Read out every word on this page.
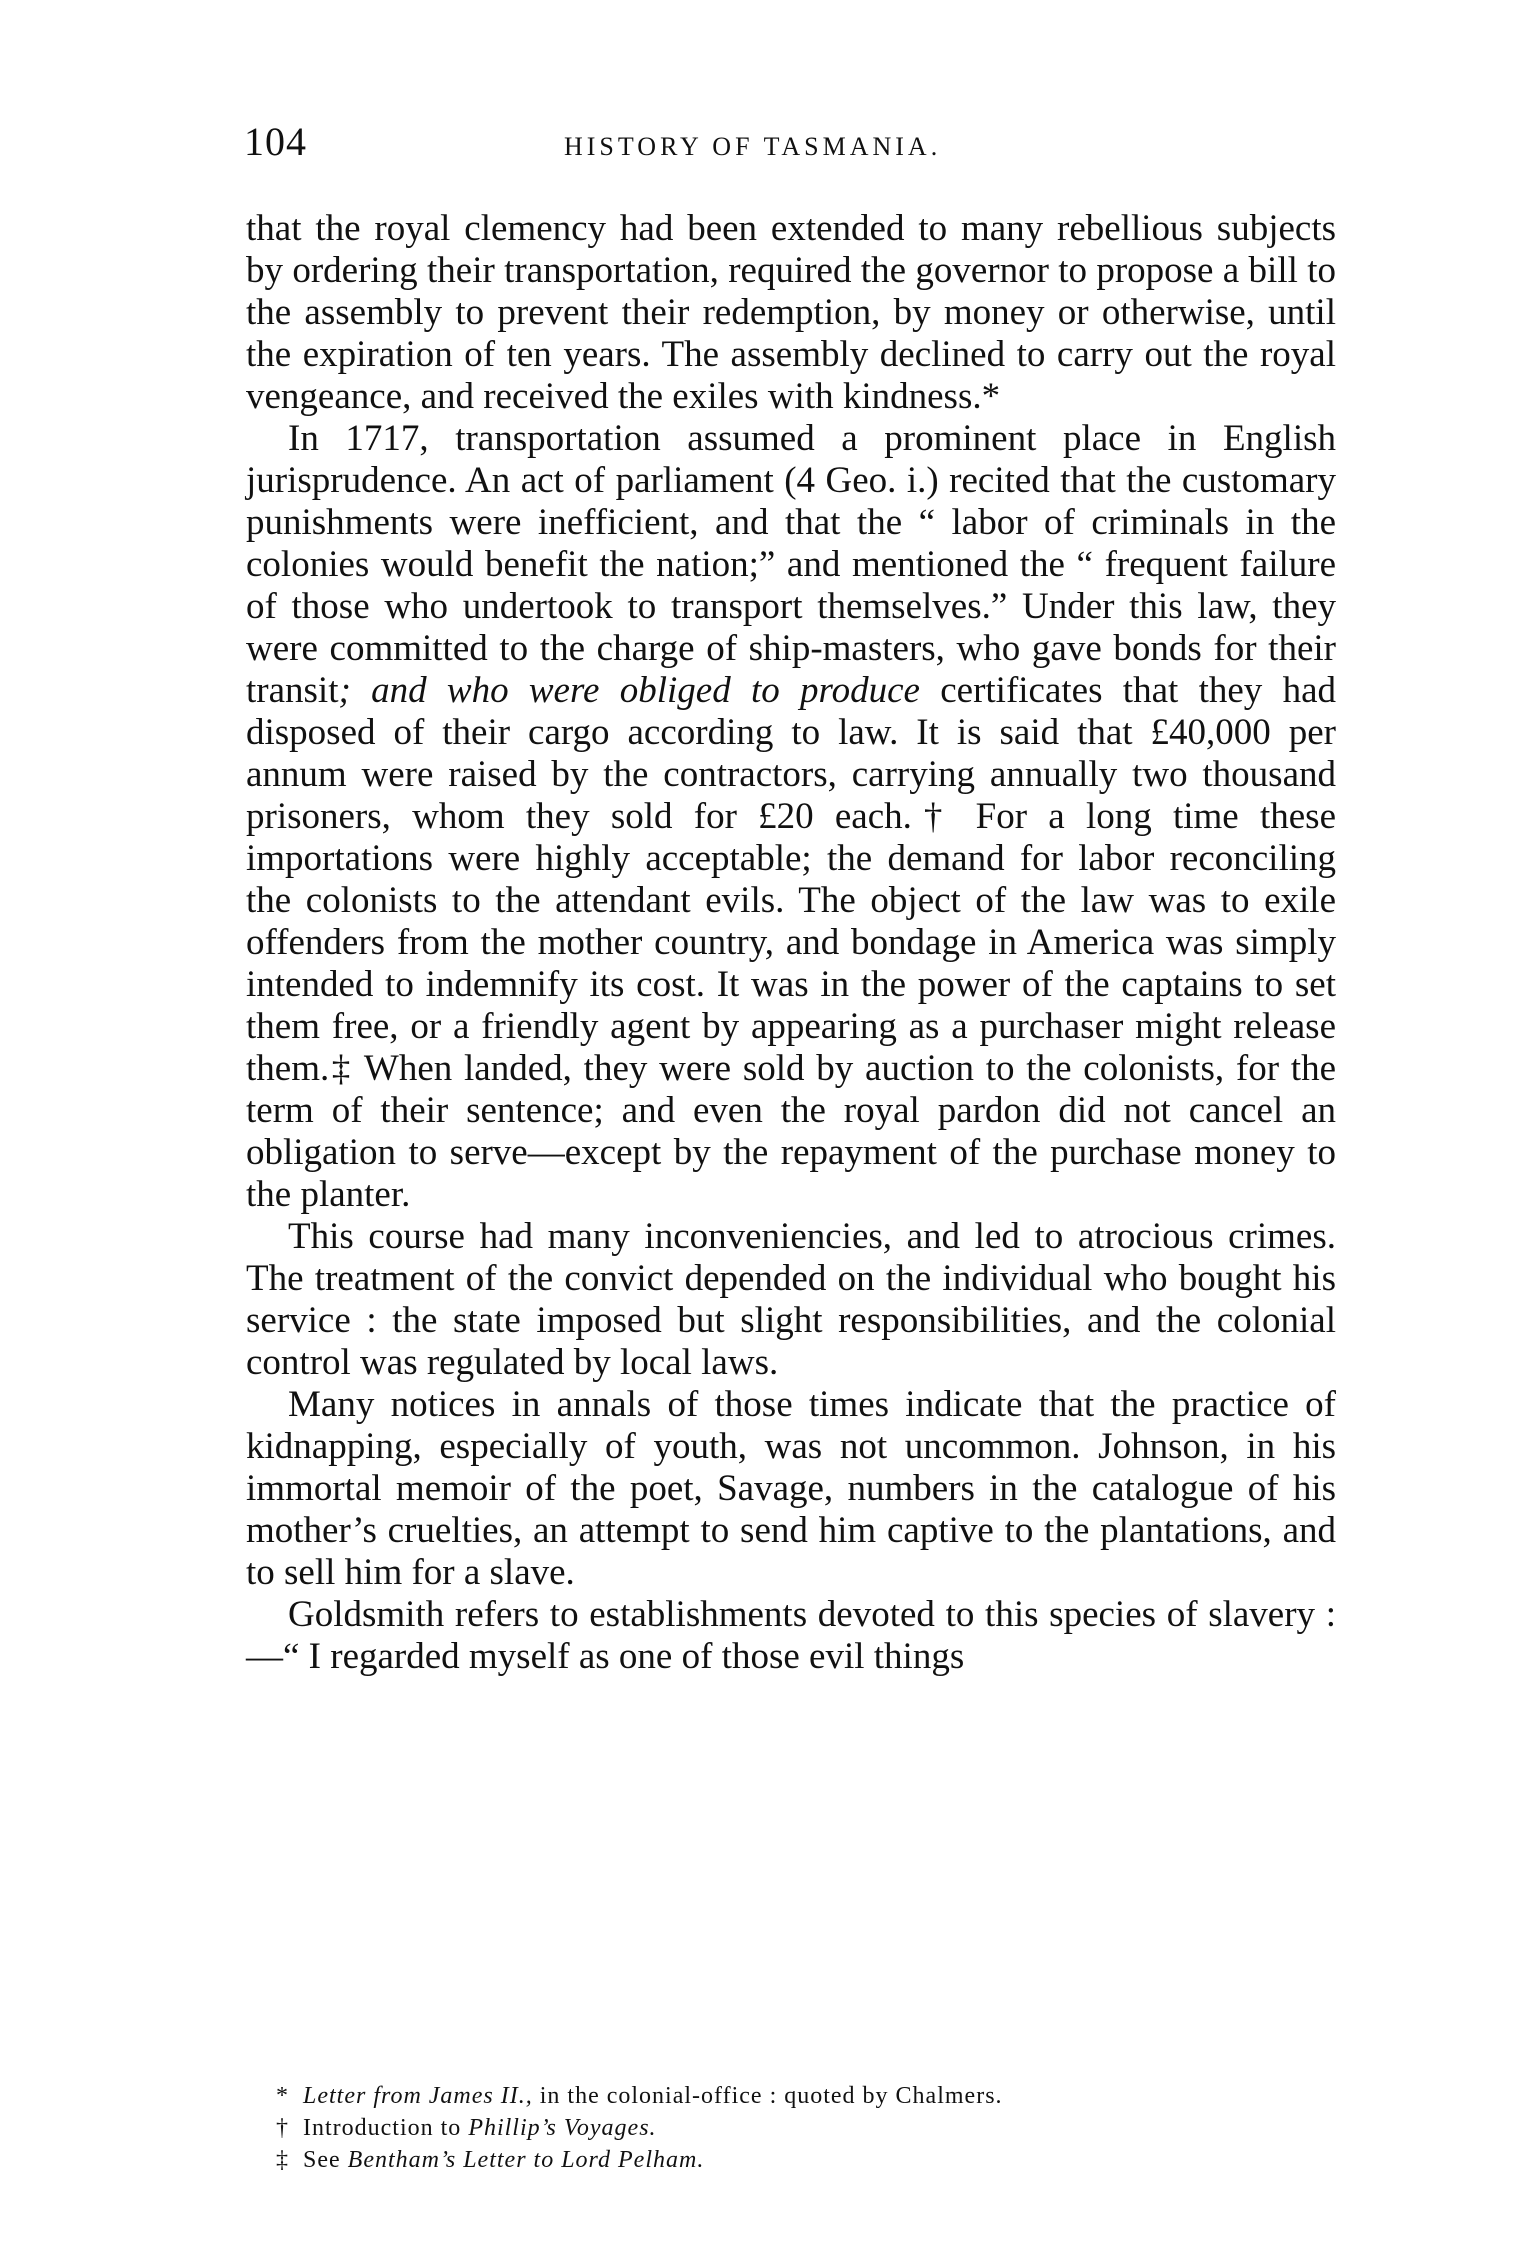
104	HISTORY OF TASMANIA.

that the royal clemency had been extended to many rebellious subjects by ordering their transportation, required the governor to propose a bill to the assembly to prevent their redemption, by money or otherwise, until the expiration of ten years. The assembly declined to carry out the royal vengeance, and received the exiles with kindness.*

In 1717, transportation assumed a prominent place in English jurisprudence. An act of parliament (4 Geo. i.) recited that the customary punishments were inefficient, and that the “ labor of criminals in the colonies would benefit the nation;” and mentioned the “ frequent failure of those who undertook to transport themselves.” Under this law, they were committed to the charge of ship-masters, who gave bonds for their transit; and who were obliged to produce certificates that they had disposed of their cargo according to law. It is said that £40,000 per annum were raised by the contractors, carrying annually two thousand prisoners, whom they sold for £20 each.† For a long time these importations were highly acceptable; the demand for labor reconciling the colonists to the attendant evils. The object of the law was to exile offenders from the mother country, and bondage in America was simply intended to indemnify its cost. It was in the power of the captains to set them free, or a friendly agent by appearing as a purchaser might release them.‡ When landed, they were sold by auction to the colonists, for the term of their sentence; and even the royal pardon did not cancel an obligation to serve—except by the repayment of the purchase money to the planter.

This course had many inconveniencies, and led to atrocious crimes. The treatment of the convict depended on the individual who bought his service : the state imposed but slight responsibilities, and the colonial control was regulated by local laws.

Many notices in annals of those times indicate that the practice of kidnapping, especially of youth, was not uncommon. Johnson, in his immortal memoir of the poet, Savage, numbers in the catalogue of his mother’s cruelties, an attempt to send him captive to the plantations, and to sell him for a slave.

Goldsmith refers to establishments devoted to this species of slavery :—“ I regarded myself as one of those evil things

* Letter from James II., in the colonial-office : quoted by Chalmers.

† Introduction to Phillip’s Voyages.

‡ See Bentham’s Letter to Lord Pelham.
